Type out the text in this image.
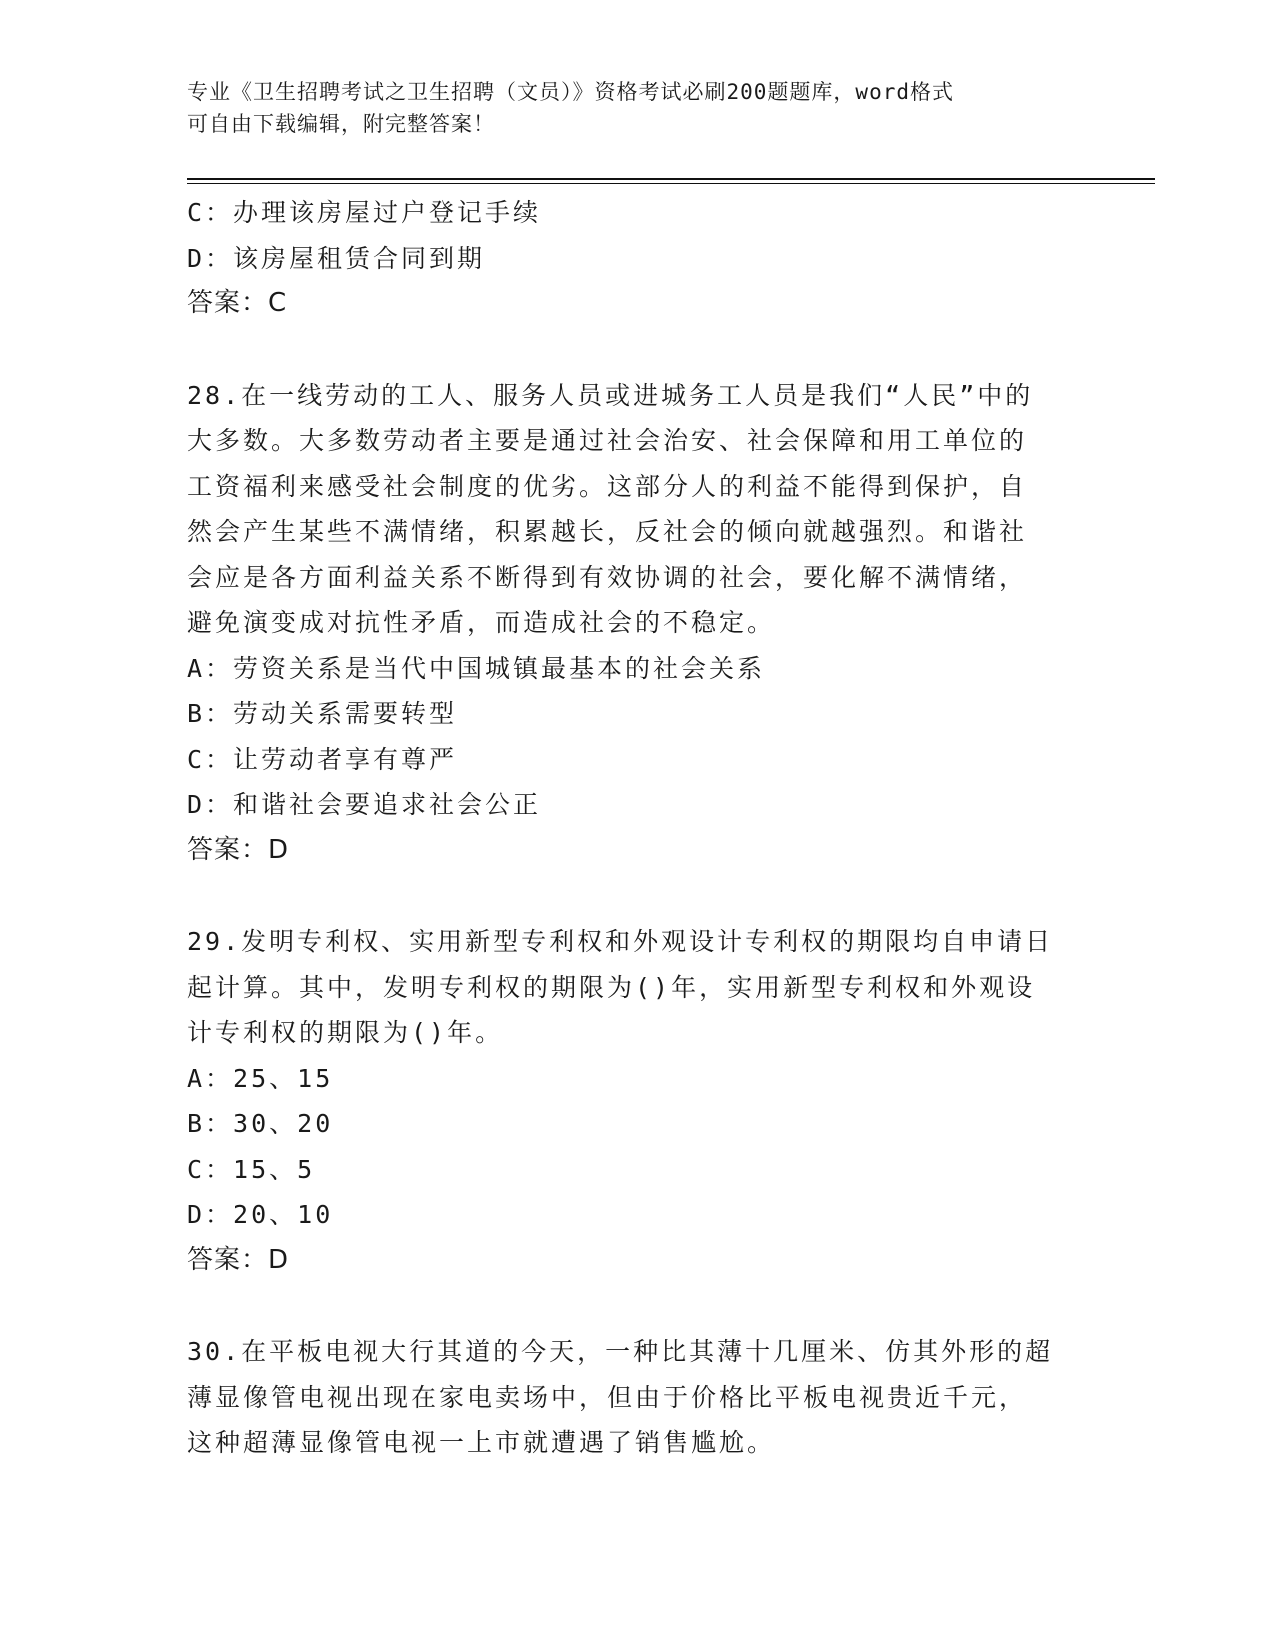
专业《卫生招聘考试之卫生招聘（文员）》资格考试必刷200题题库，word格式
可自由下载编辑，附完整答案！
C：办理该房屋过户登记手续
D：该房屋租赁合同到期
答案：C
28.在一线劳动的工人、服务人员或进城务工人员是我们“人民”中的
大多数。大多数劳动者主要是通过社会治安、社会保障和用工单位的
工资福利来感受社会制度的优劣。这部分人的利益不能得到保护，自
然会产生某些不满情绪，积累越长，反社会的倾向就越强烈。和谐社
会应是各方面利益关系不断得到有效协调的社会，要化解不满情绪，
避免演变成对抗性矛盾，而造成社会的不稳定。
A：劳资关系是当代中国城镇最基本的社会关系
B：劳动关系需要转型
C：让劳动者享有尊严
D：和谐社会要追求社会公正
答案：D
29.发明专利权、实用新型专利权和外观设计专利权的期限均自申请日
起计算。其中，发明专利权的期限为()年，实用新型专利权和外观设
计专利权的期限为()年。
A：25、15
B：30、20
C：15、5
D：20、10
答案：D
30.在平板电视大行其道的今天，一种比其薄十几厘米、仿其外形的超
薄显像管电视出现在家电卖场中，但由于价格比平板电视贵近千元，
这种超薄显像管电视一上市就遭遇了销售尴尬。
